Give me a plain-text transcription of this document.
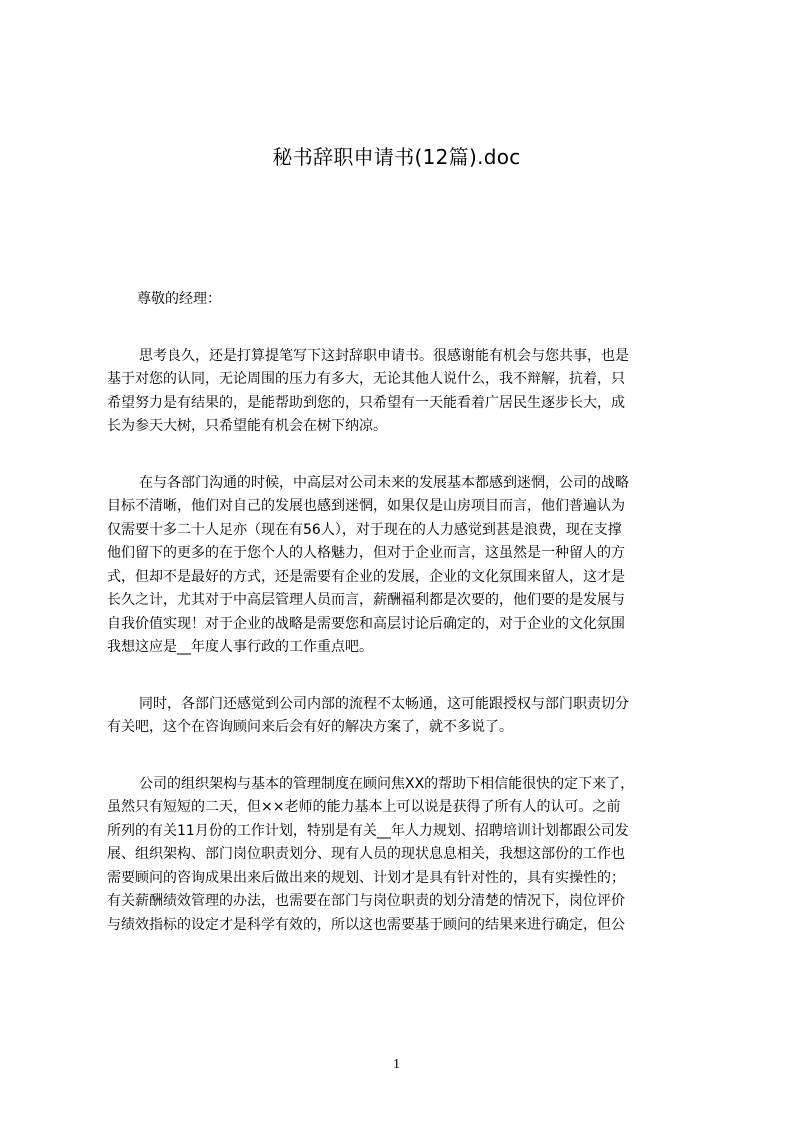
秘书辞职申请书(12篇).doc

尊敬的经理：

思考良久，还是打算提笔写下这封辞职申请书。很感谢能有机会与您共事，也是
基于对您的认同，无论周围的压力有多大，无论其他人说什么，我不辩解，抗着，只
希望努力是有结果的，是能帮助到您的，只希望有一天能看着广居民生逐步长大，成
长为参天大树，只希望能有机会在树下纳凉。
在与各部门沟通的时候，中高层对公司未来的发展基本都感到迷惘，公司的战略
目标不清晰，他们对自己的发展也感到迷惘，如果仅是山房项目而言，他们普遍认为
仅需要十多二十人足亦（现在有56人），对于现在的人力感觉到甚是浪费，现在支撑
他们留下的更多的在于您个人的人格魅力，但对于企业而言，这虽然是一种留人的方
式，但却不是最好的方式，还是需要有企业的发展，企业的文化氛围来留人，这才是
长久之计，尤其对于中高层管理人员而言，薪酬福利都是次要的，他们要的是发展与
自我价值实现！对于企业的战略是需要您和高层讨论后确定的，对于企业的文化氛围
我想这应是__年度人事行政的工作重点吧。
同时，各部门还感觉到公司内部的流程不太畅通，这可能跟授权与部门职责切分
有关吧，这个在咨询顾问来后会有好的解决方案了，就不多说了。
公司的组织架构与基本的管理制度在顾问焦XX的帮助下相信能很快的定下来了，
虽然只有短短的二天，但××老师的能力基本上可以说是获得了所有人的认可。之前
所列的有关11月份的工作计划，特别是有关__年人力规划、招聘培训计划都跟公司发
展、组织架构、部门岗位职责划分、现有人员的现状息息相关，我想这部份的工作也
需要顾问的咨询成果出来后做出来的规划、计划才是具有针对性的，具有实操性的；
有关薪酬绩效管理的办法，也需要在部门与岗位职责的划分清楚的情况下，岗位评价
与绩效指标的设定才是科学有效的，所以这也需要基于顾问的结果来进行确定，但公
1
